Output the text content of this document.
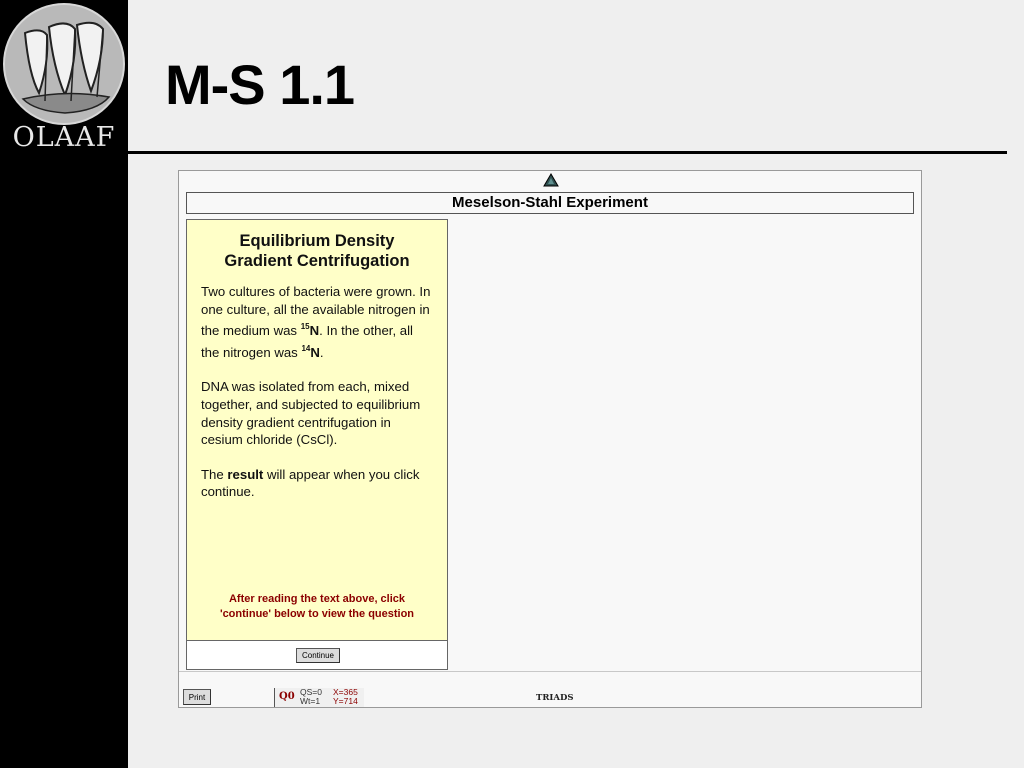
OLAAF
M-S 1.1
Meselson-Stahl Experiment
Equilibrium Density
Gradient Centrifugation

Two cultures of bacteria were grown. In one culture, all the available nitrogen in the medium was $^{15}$N. In the other, all the nitrogen was $^{14}$N.

DNA was isolated from each, mixed together, and subjected to equilibrium density gradient centrifugation in cesium chloride (CsCl).

The result will appear when you click continue.

After reading the text above, click
'continue' below to view the question
Continue
Print	Q0 QS=0
Wt=1
X=365
Y=714	TRIADS
